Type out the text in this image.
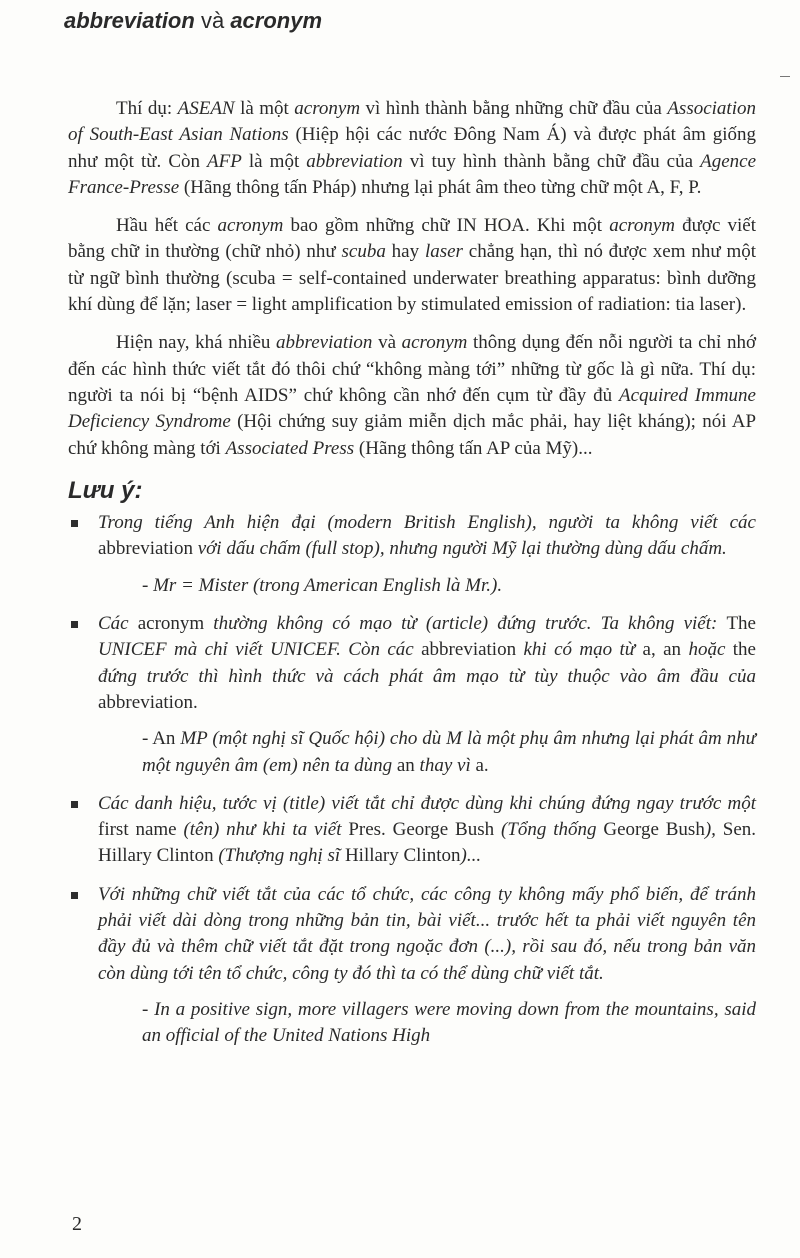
abbreviation và acronym

Thí dụ: ASEAN là một acronym vì hình thành bằng những chữ đầu của Association of South-East Asian Nations (Hiệp hội các nước Đông Nam Á) và được phát âm giống như một từ. Còn AFP là một abbreviation vì tuy hình thành bằng chữ đầu của Agence France-Presse (Hãng thông tấn Pháp) nhưng lại phát âm theo từng chữ một A, F, P.

Hầu hết các acronym bao gồm những chữ IN HOA. Khi một acronym được viết bằng chữ in thường (chữ nhỏ) như scuba hay laser chẳng hạn, thì nó được xem như một từ ngữ bình thường (scuba = self-contained underwater breathing apparatus: bình dưỡng khí dùng để lặn; laser = light amplification by stimulated emission of radiation: tia laser).

Hiện nay, khá nhiều abbreviation và acronym thông dụng đến nỗi người ta chỉ nhớ đến các hình thức viết tắt đó thôi chứ “không màng tới” những từ gốc là gì nữa. Thí dụ: người ta nói bị “bệnh AIDS” chứ không cần nhớ đến cụm từ đầy đủ Acquired Immune Deficiency Syndrome (Hội chứng suy giảm miễn dịch mắc phải, hay liệt kháng); nói AP chứ không màng tới Associated Press (Hãng thông tấn AP của Mỹ)...

Lưu ý:

Trong tiếng Anh hiện đại (modern British English), người ta không viết các abbreviation với dấu chấm (full stop), nhưng người Mỹ lại thường dùng dấu chấm.

- Mr = Mister (trong American English là Mr.).

Các acronym thường không có mạo từ (article) đứng trước. Ta không viết: The UNICEF mà chỉ viết UNICEF. Còn các abbreviation khi có mạo từ a, an hoặc the đứng trước thì hình thức và cách phát âm mạo từ tùy thuộc vào âm đầu của abbreviation.

- An MP (một nghị sĩ Quốc hội) cho dù M là một phụ âm nhưng lại phát âm như một nguyên âm (em) nên ta dùng an thay vì a.

Các danh hiệu, tước vị (title) viết tắt chỉ được dùng khi chúng đứng ngay trước một first name (tên) như khi ta viết Pres. George Bush (Tổng thống George Bush), Sen. Hillary Clinton (Thượng nghị sĩ Hillary Clinton)...

Với những chữ viết tắt của các tổ chức, các công ty không mấy phổ biến, để tránh phải viết dài dòng trong những bản tin, bài viết... trước hết ta phải viết nguyên tên đầy đủ và thêm chữ viết tắt đặt trong ngoặc đơn (...), rồi sau đó, nếu trong bản văn còn dùng tới tên tổ chức, công ty đó thì ta có thể dùng chữ viết tắt.

- In a positive sign, more villagers were moving down from the mountains, said an official of the United Nations High

2
